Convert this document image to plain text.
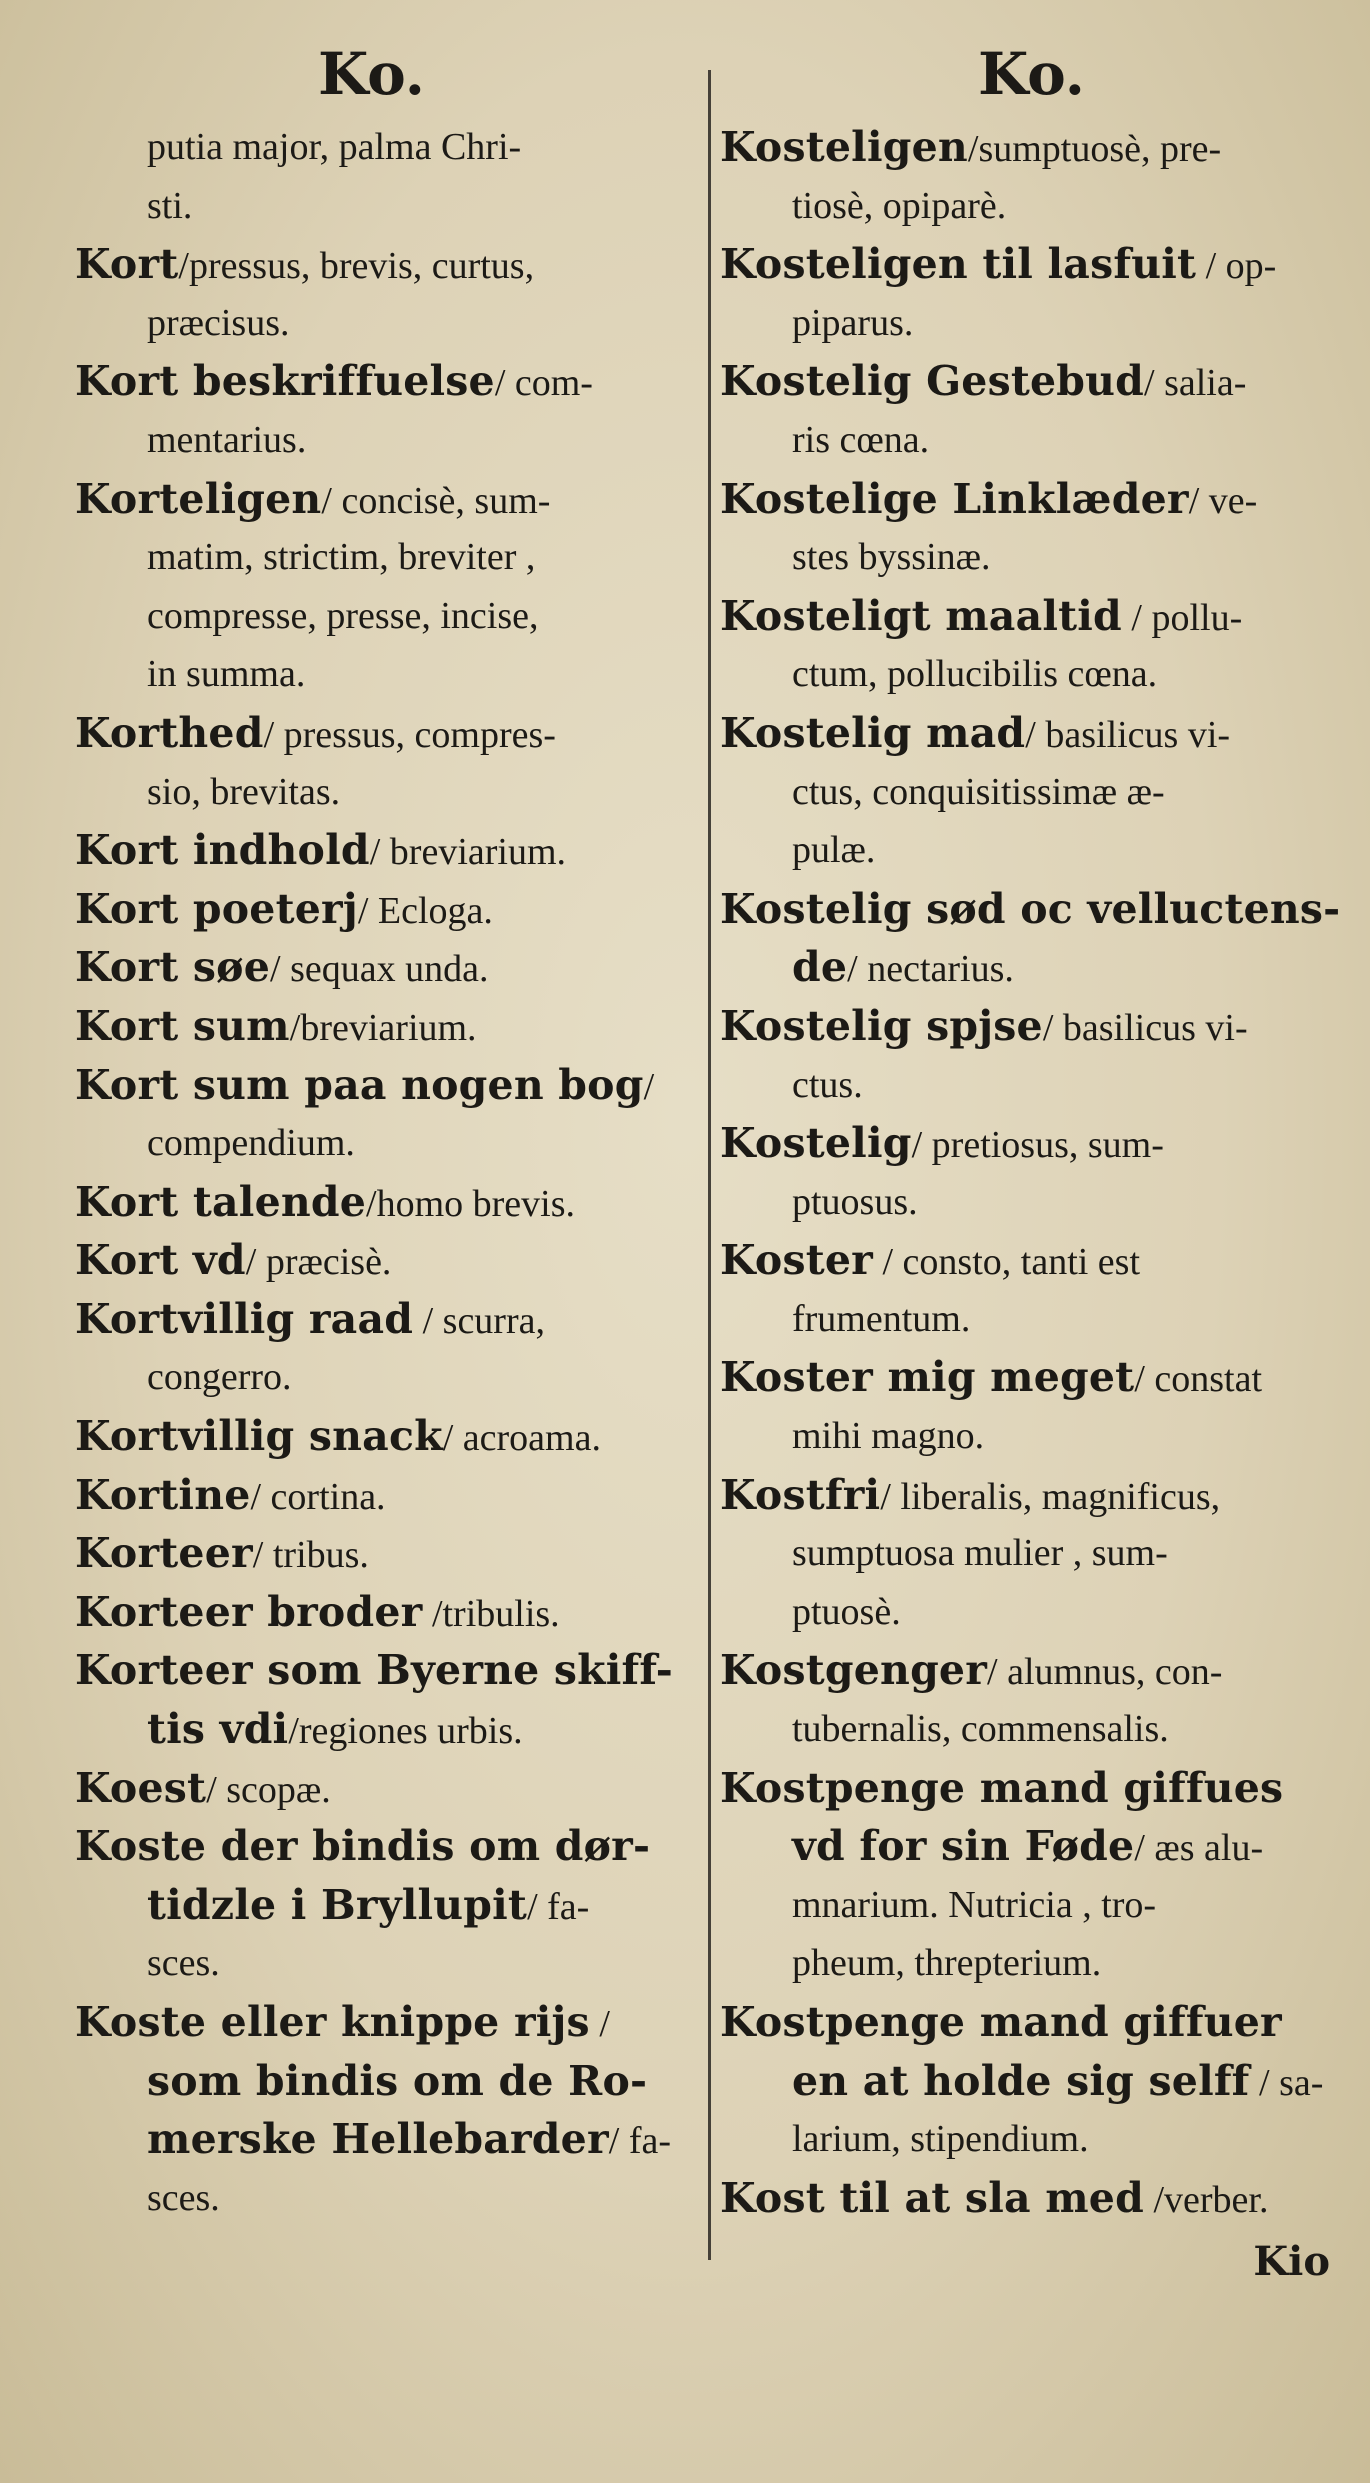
Ko.	Ko.
putia major, palma Chri-
sti.
Kort/pressus, brevis, curtus,
præcisus.
Kort beskriffuelse/ com-
mentarius.
Korteligen/ concisè, sum-
matim, strictim, breviter ,
compresse, presse, incise,
in summa.
Korthed/ pressus, compres-
sio, brevitas.
Kort indhold/ breviarium.
Kort poeterj/ Ecloga.
Kort søe/ sequax unda.
Kort sum/breviarium.
Kort sum paa nogen bog/
compendium.
Kort talende/homo brevis.
Kort vd/ præcisè.
Kortvillig raad / scurra,
congerro.
Kortvillig snack/ acroama.
Kortine/ cortina.
Korteer/ tribus.
Korteer broder /tribulis.
Korteer som Byerne skiff-
tis vdi/regiones urbis.
Koest/ scopæ.
Koste der bindis om dør-
tidzle i Bryllupit/ fa-
sces.
Koste eller knippe rijs /
som bindis om de Ro-
merske Hellebarder/ fa-
sces.
Kosteligen/sumptuosè, pre-
tiosè, opiparè.
Kosteligen til lasfuit / op-
piparus.
Kostelig Gestebud/ salia-
ris cœna.
Kostelige Linklæder/ ve-
stes byssinæ.
Kosteligt maaltid / pollu-
ctum, pollucibilis cœna.
Kostelig mad/ basilicus vi-
ctus, conquisitissimæ æ-
pulæ.
Kostelig sød oc velluctens-
de/ nectarius.
Kostelig spjse/ basilicus vi-
ctus.
Kostelig/ pretiosus, sum-
ptuosus.
Koster / consto, tanti est
frumentum.
Koster mig meget/ constat
mihi magno.
Kostfri/ liberalis, magnificus,
sumptuosa mulier , sum-
ptuosè.
Kostgenger/ alumnus, con-
tubernalis, commensalis.
Kostpenge mand giffues
vd for sin Føde/ æs alu-
mnarium. Nutricia , tro-
pheum, threpterium.
Kostpenge mand giffuer
en at holde sig selff / sa-
larium, stipendium.
Kost til at sla med /verber.
Kio
